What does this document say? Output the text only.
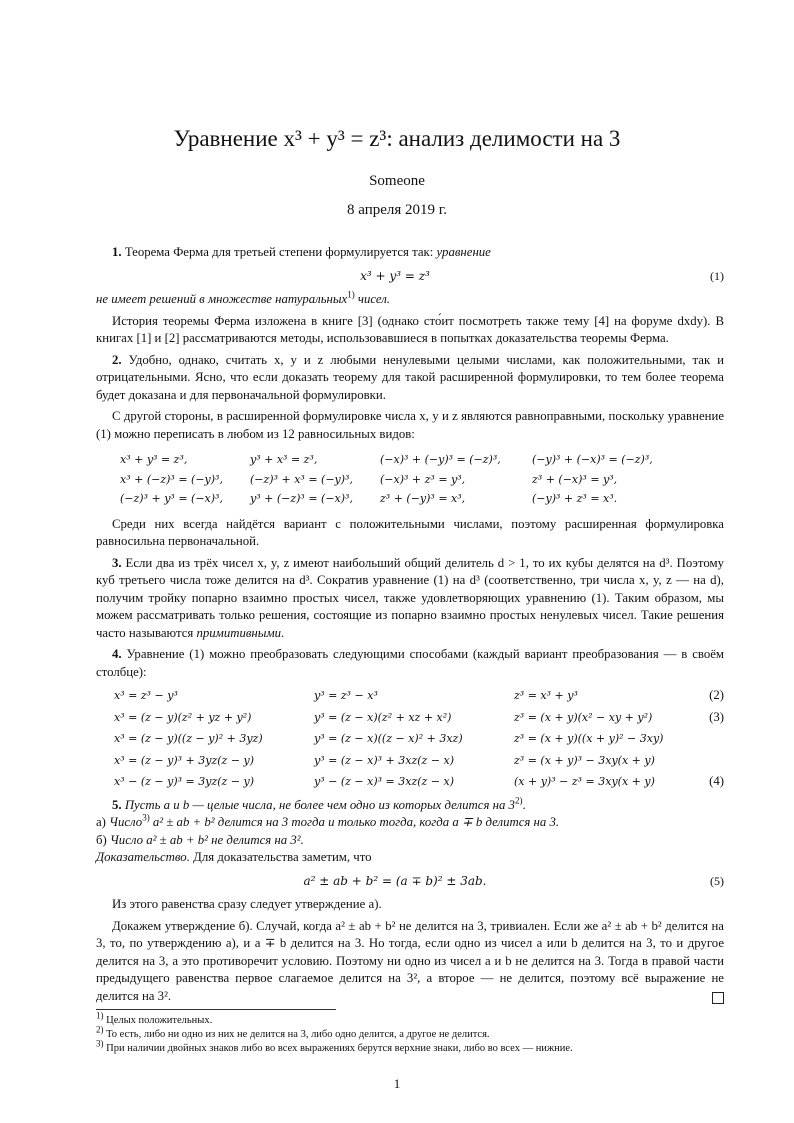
Уравнение x³ + y³ = z³: анализ делимости на 3
Someone
8 апреля 2019 г.

1. Теорема Ферма для третьей степени формулируется так: уравнение

x³ + y³ = z³	(1)

не имеет решений в множестве натуральных$^{1)}$ чисел.

История теоремы Ферма изложена в книге [3] (однако сто́ит посмотреть также тему [4] на форуме dxdy). В книгах [1] и [2] рассматриваются методы, использовавшиеся в попытках доказательства теоремы Ферма.

2. Удобно, однако, считать x, y и z любыми ненулевыми целыми числами, как положительными, так и отрицательными. Ясно, что если доказать теорему для такой расширенной формулировки, то тем более теорема будет доказана и для первоначальной формулировки.

С другой стороны, в расширенной формулировке числа x, y и z являются равноправными, поскольку уравнение (1) можно переписать в любом из 12 равносильных видов:

x³ + y³ = z³,	y³ + x³ = z³,	(−x)³ + (−y)³ = (−z)³,	(−y)³ + (−x)³ = (−z)³,
x³ + (−z)³ = (−y)³,	(−z)³ + x³ = (−y)³,	(−x)³ + z³ = y³,	z³ + (−x)³ = y³,
(−z)³ + y³ = (−x)³,	y³ + (−z)³ = (−x)³,	z³ + (−y)³ = x³,	(−y)³ + z³ = x³.

Среди них всегда найдётся вариант с положительными числами, поэтому расширенная формулировка равносильна первоначальной.

3. Если два из трёх чисел x, y, z имеют наибольший общий делитель d > 1, то их кубы делятся на d³. Поэтому куб третьего числа тоже делится на d³. Сократив уравнение (1) на d³ (соответственно, три числа x, y, z — на d), получим тройку попарно взаимно простых чисел, также удовлетворяющих уравнению (1). Таким образом, мы можем рассматривать только решения, состоящие из попарно взаимно простых ненулевых чисел. Такие решения часто называются примитивными.

4. Уравнение (1) можно преобразовать следующими способами (каждый вариант преобразования — в своём столбце):

x³ = z³ − y³	y³ = z³ − x³	z³ = x³ + y³	(2)
x³ = (z − y)(z² + yz + y²)	y³ = (z − x)(z² + xz + x²)	z³ = (x + y)(x² − xy + y²)	(3)
x³ = (z − y)((z − y)² + 3yz)	y³ = (z − x)((z − x)² + 3xz)	z³ = (x + y)((x + y)² − 3xy)
x³ = (z − y)³ + 3yz(z − y)	y³ = (z − x)³ + 3xz(z − x)	z³ = (x + y)³ − 3xy(x + y)
x³ − (z − y)³ = 3yz(z − y)	y³ − (z − x)³ = 3xz(z − x)	(x + y)³ − z³ = 3xy(x + y)	(4)

5. Пусть a и b — целые числа, не более чем одно из которых делится на 3$^{2)}$.

а) Число$^{3)}$ a² ± ab + b² делится на 3 тогда и только тогда, когда a ∓ b делится на 3.

б) Число a² ± ab + b² не делится на 3².

Доказательство. Для доказательства заметим, что

a² ± ab + b² = (a ∓ b)² ± 3ab.	(5)

Из этого равенства сразу следует утверждение а).

Докажем утверждение б). Случай, когда a² ± ab + b² не делится на 3, тривиален. Если же a² ± ab + b² делится на 3, то, по утверждению а), и a ∓ b делится на 3. Но тогда, если одно из чисел a или b делится на 3, то и другое делится на 3, а это противоречит условию. Поэтому ни одно из чисел a и b не делится на 3. Тогда в правой части предыдущего равенства первое слагаемое делится на 3², а второе — не делится, поэтому всё выражение не делится на 3².

$^{1)}$ Целых положительных.
$^{2)}$ То есть, либо ни одно из них не делится на 3, либо одно делится, а другое не делится.
$^{3)}$ При наличии двойных знаков либо во всех выражениях берутся верхние знаки, либо во всех — нижние.
1
